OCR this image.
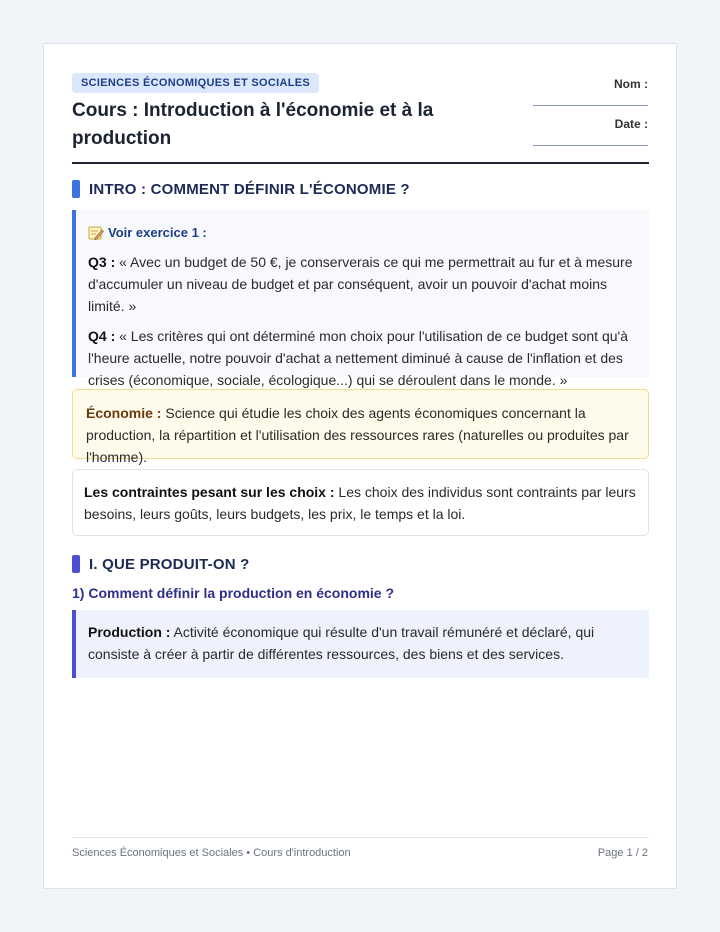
SCIENCES ÉCONOMIQUES ET SOCIALES
Cours : Introduction à l'économie et à la production
Nom :
Date :
INTRO : COMMENT DÉFINIR L'ÉCONOMIE ?
Voir exercice 1 :

Q3 : « Avec un budget de 50 €, je conserverais ce qui me permettrait au fur et à mesure d'accumuler un niveau de budget et par conséquent, avoir un pouvoir d'achat moins limité. »

Q4 : « Les critères qui ont déterminé mon choix pour l'utilisation de ce budget sont qu'à l'heure actuelle, notre pouvoir d'achat a nettement diminué à cause de l'inflation et des crises (économique, sociale, écologique...) qui se déroulent dans le monde. »

Économie : Science qui étudie les choix des agents économiques concernant la production, la répartition et l'utilisation des ressources rares (naturelles ou produites par l'homme).

Les contraintes pesant sur les choix : Les choix des individus sont contraints par leurs besoins, leurs goûts, leurs budgets, les prix, le temps et la loi.

I. QUE PRODUIT-ON ?
1) Comment définir la production en économie ?

Production : Activité économique qui résulte d'un travail rémunéré et déclaré, qui consiste à créer à partir de différentes ressources, des biens et des services.

Sciences Économiques et Sociales • Cours d'introduction	Page 1 / 2
